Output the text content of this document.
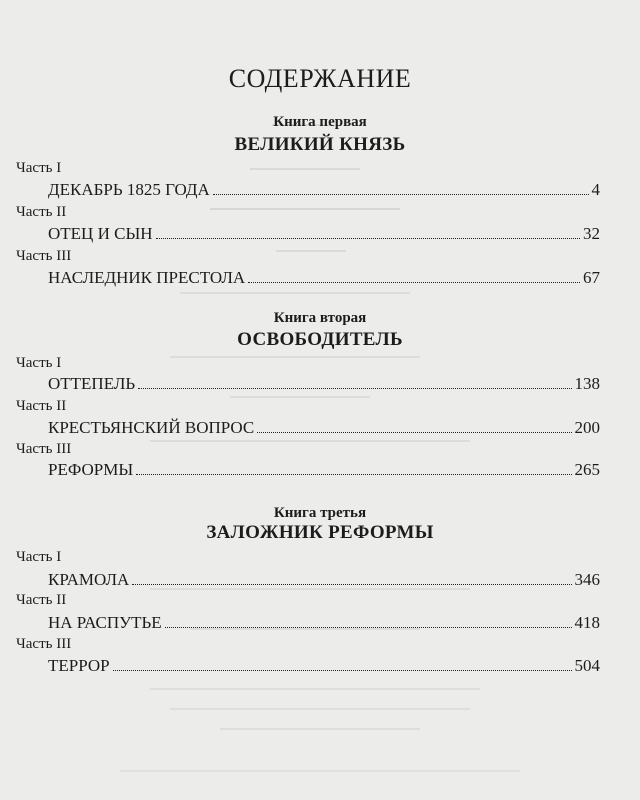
СОДЕРЖАНИЕ
Книга первая
ВЕЛИКИЙ КНЯЗЬ
Часть I
ДЕКАБРЬ 1825 ГОДА	4
Часть II
ОТЕЦ И СЫН	32
Часть III
НАСЛЕДНИК ПРЕСТОЛА	67
Книга вторая
ОСВОБОДИТЕЛЬ
Часть I
ОТТЕПЕЛЬ	138
Часть II
КРЕСТЬЯНСКИЙ ВОПРОС	200
Часть III
РЕФОРМЫ	265
Книга третья
ЗАЛОЖНИК РЕФОРМЫ
Часть I
КРАМОЛА	346
Часть II
НА РАСПУТЬЕ	418
Часть III
ТЕРРОР	504
